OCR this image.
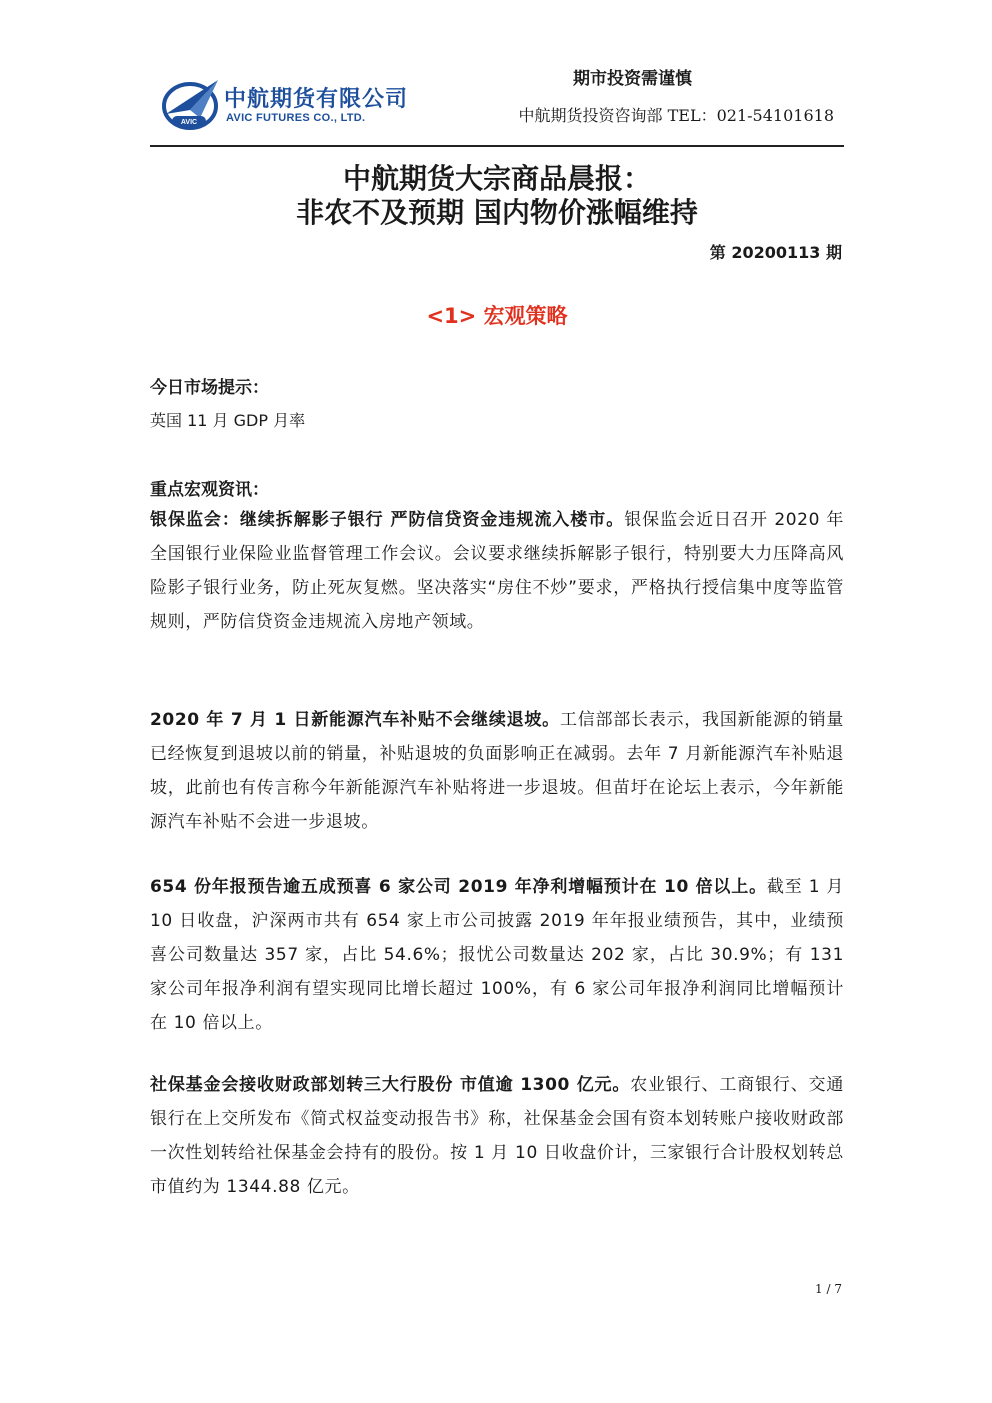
AVIC
中航期货有限公司
AVIC FUTURES CO., LTD.
期市投资需谨慎
中航期货投资咨询部 TEL：021-54101618
中航期货大宗商品晨报：
非农不及预期 国内物价涨幅维持
第 20200113 期
<1> 宏观策略
今日市场提示：
英国 11 月 GDP 月率
重点宏观资讯：
银保监会：继续拆解影子银行 严防信贷资金违规流入楼市。银保监会近日召开 2020 年全国银行业保险业监督管理工作会议。会议要求继续拆解影子银行，特别要大力压降高风险影子银行业务，防止死灰复燃。坚决落实“房住不炒”要求，严格执行授信集中度等监管规则，严防信贷资金违规流入房地产领域。
2020 年 7 月 1 日新能源汽车补贴不会继续退坡。工信部部长表示，我国新能源的销量已经恢复到退坡以前的销量，补贴退坡的负面影响正在减弱。去年 7 月新能源汽车补贴退坡，此前也有传言称今年新能源汽车补贴将进一步退坡。但苗圩在论坛上表示，今年新能源汽车补贴不会进一步退坡。
654 份年报预告逾五成预喜 6 家公司 2019 年净利增幅预计在 10 倍以上。截至 1 月 10 日收盘，沪深两市共有 654 家上市公司披露 2019 年年报业绩预告，其中，业绩预喜公司数量达 357 家，占比 54.6%；报忧公司数量达 202 家，占比 30.9%；有 131 家公司年报净利润有望实现同比增长超过 100%，有 6 家公司年报净利润同比增幅预计在 10 倍以上。
社保基金会接收财政部划转三大行股份 市值逾 1300 亿元。农业银行、工商银行、交通银行在上交所发布《简式权益变动报告书》称，社保基金会国有资本划转账户接收财政部一次性划转给社保基金会持有的股份。按 1 月 10 日收盘价计，三家银行合计股权划转总市值约为 1344.88 亿元。
1 / 7
